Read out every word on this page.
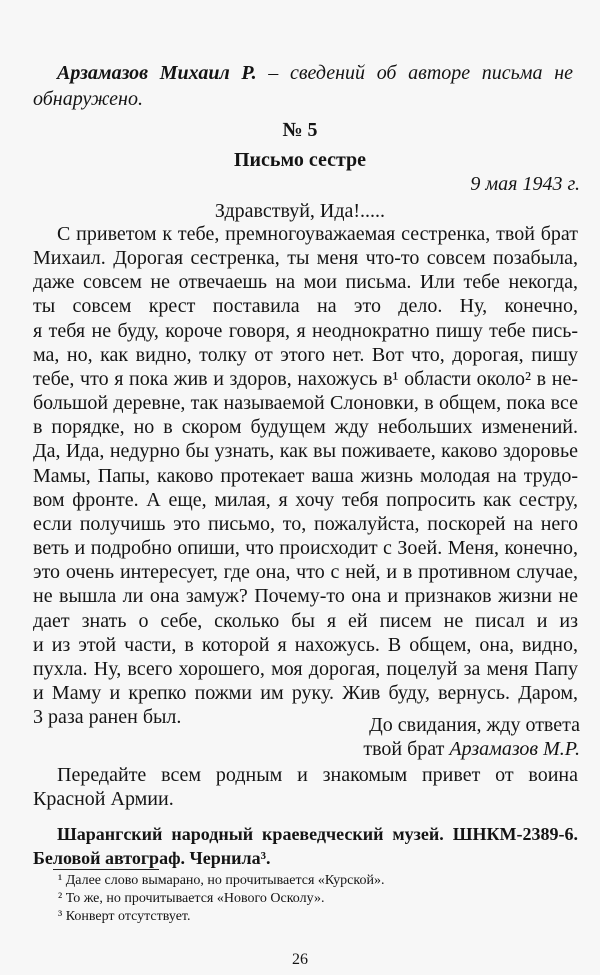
Арзамазов Михаил Р. – сведений об авторе письма не обнаружено.
№ 5
Письмо сестре
9 мая 1943 г.
Здравствуй, Ида!.....
С приветом к тебе, премногоуважаемая сестренка, твой брат
Михаил. Дорогая сестренка, ты меня что-то совсем позабыла,
даже совсем не отвечаешь на мои письма. Или тебе некогда,
ты совсем крест поставила на это дело. Ну, конечно,
я тебя не буду, короче говоря, я неоднократно пишу тебе пись-
ма, но, как видно, толку от этого нет. Вот что, дорогая, пишу
тебе, что я пока жив и здоров, нахожусь в¹ области около² в не-
большой деревне, так называемой Слоновки, в общем, пока все
в порядке, но в скором будущем жду небольших изменений.
Да, Ида, недурно бы узнать, как вы поживаете, каково здоровье
Мамы, Папы, каково протекает ваша жизнь молодая на трудо-
вом фронте. А еще, милая, я хочу тебя попросить как сестру,
если получишь это письмо, то, пожалуйста, поскорей на него
веть и подробно опиши, что происходит с Зоей. Меня, конечно,
это очень интересует, где она, что с ней, и в противном случае,
не вышла ли она замуж? Почему-то она и признаков жизни не
дает знать о себе, сколько бы я ей писем не писал и из
и из этой части, в которой я нахожусь. В общем, она, видно,
пухла. Ну, всего хорошего, моя дорогая, поцелуй за меня Папу
и Маму и крепко пожми им руку. Жив буду, вернусь. Даром,
3 раза ранен был.	До свидания, жду ответа
твой брат Арзамазов М.Р.
Передайте всем родным и знакомым привет от воина
Красной Армии.
Шарангский народный краеведческий музей. ШНКМ-2389-6.
Беловой автограф. Чернила³.
¹ Далее слово вымарано, но прочитывается «Курской».
² То же, но прочитывается «Нового Осколу».
³ Конверт отсутствует.
26
